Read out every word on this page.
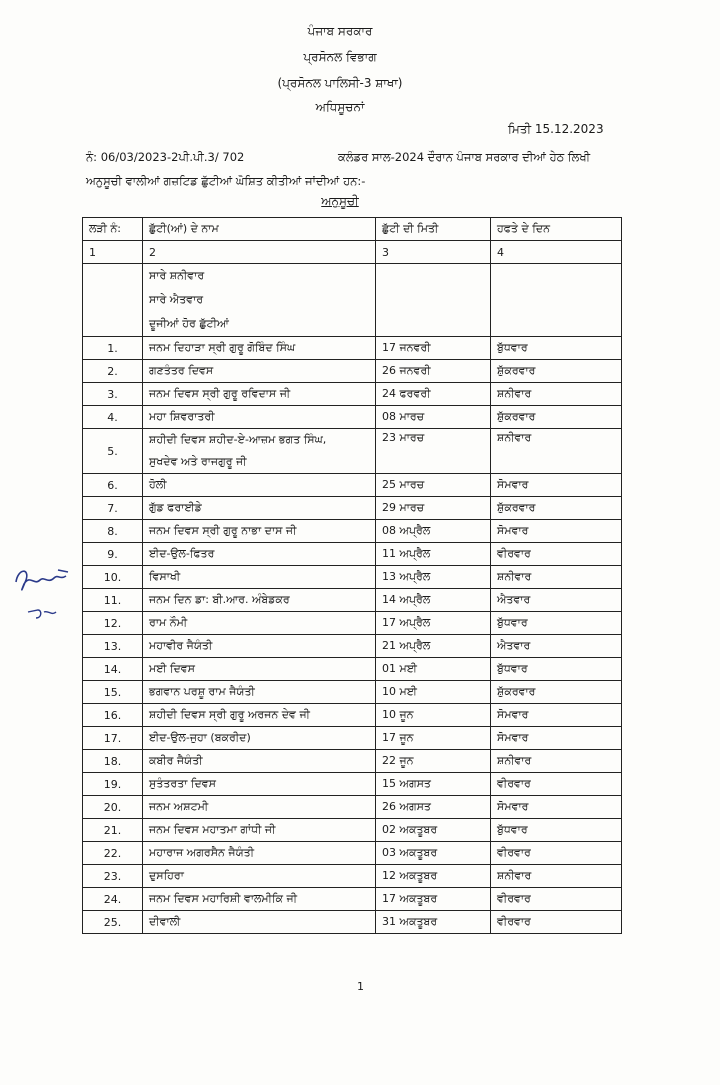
ਪੰਜਾਬ ਸਰਕਾਰ
ਪ੍ਰਸੋਨਲ ਵਿਭਾਗ
(ਪ੍ਰਸੋਨਲ ਪਾਲਿਸੀ-3 ਸ਼ਾਖਾ)
ਅਧਿਸੂਚਨਾਂ
ਮਿਤੀ 15.12.2023
ਨੰ: 06/03/2023-2ਪੀ.ਪੀ.3/ 702	ਕਲੰਡਰ ਸਾਲ-2024 ਦੌਰਾਨ ਪੰਜਾਬ ਸਰਕਾਰ ਦੀਆਂ ਹੇਠ ਲਿਖੀ
ਅਨੁਸੂਚੀ ਵਾਲੀਆਂ ਗਜ਼ਟਿਡ ਛੁੱਟੀਆਂ ਘੋਸ਼ਿਤ ਕੀਤੀਆਂ ਜਾਂਦੀਆਂ ਹਨ:-
ਅਨੁਸੂਚੀ
ਲੜੀ ਨੰ:	ਛੁੱਟੀ(ਆਂ) ਦੇ ਨਾਮ	ਛੁੱਟੀ ਦੀ ਮਿਤੀ	ਹਫਤੇ ਦੇ ਦਿਨ
1	2	3	4

	ਸਾਰੇ ਸ਼ਨੀਵਾਰ
ਸਾਰੇ ਐਤਵਾਰ
ਦੂਜੀਆਂ ਹੋਰ ਛੁੱਟੀਆਂ		

1.	ਜਨਮ ਦਿਹਾੜਾ ਸ੍ਰੀ ਗੁਰੂ ਗੋਬਿੰਦ ਸਿੰਘ	17 ਜਨਵਰੀ	ਬੁੱਧਵਾਰ
2.	ਗਣਤੰਤਰ ਦਿਵਸ	26 ਜਨਵਰੀ	ਸ਼ੁੱਕਰਵਾਰ
3.	ਜਨਮ ਦਿਵਸ ਸ੍ਰੀ ਗੁਰੂ ਰਵਿਦਾਸ ਜੀ	24 ਫਰਵਰੀ	ਸ਼ਨੀਵਾਰ
4.	ਮਹਾ ਸ਼ਿਵਰਾਤਰੀ	08 ਮਾਰਚ	ਸ਼ੁੱਕਰਵਾਰ
5.	ਸ਼ਹੀਦੀ ਦਿਵਸ ਸ਼ਹੀਦ-ਏ-ਆਜ਼ਮ ਭਗਤ ਸਿੰਘ,
ਸੁਖਦੇਵ ਅਤੇ ਰਾਜਗੁਰੂ ਜੀ	23 ਮਾਰਚ	ਸ਼ਨੀਵਾਰ
6.	ਹੋਲੀ	25 ਮਾਰਚ	ਸੋਮਵਾਰ
7.	ਗੁੱਡ ਫਰਾਈਡੇ	29 ਮਾਰਚ	ਸ਼ੁੱਕਰਵਾਰ
8.	ਜਨਮ ਦਿਵਸ ਸ੍ਰੀ ਗੁਰੂ ਨਾਭਾ ਦਾਸ ਜੀ	08 ਅਪ੍ਰੈਲ	ਸੋਮਵਾਰ
9.	ਈਦ-ਉਲ-ਫਿਤਰ	11 ਅਪ੍ਰੈਲ	ਵੀਰਵਾਰ
10.	ਵਿਸਾਖੀ	13 ਅਪ੍ਰੈਲ	ਸ਼ਨੀਵਾਰ
11.	ਜਨਮ ਦਿਨ ਡਾ: ਬੀ.ਆਰ. ਅੰਬੇਡਕਰ	14 ਅਪ੍ਰੈਲ	ਐਤਵਾਰ
12.	ਰਾਮ ਨੌਮੀ	17 ਅਪ੍ਰੈਲ	ਬੁੱਧਵਾਰ
13.	ਮਹਾਵੀਰ ਜੈਯੰਤੀ	21 ਅਪ੍ਰੈਲ	ਐਤਵਾਰ
14.	ਮਈ ਦਿਵਸ	01 ਮਈ	ਬੁੱਧਵਾਰ
15.	ਭਗਵਾਨ ਪਰਸ਼ੂ ਰਾਮ ਜੈਯੰਤੀ	10 ਮਈ	ਸ਼ੁੱਕਰਵਾਰ
16.	ਸ਼ਹੀਦੀ ਦਿਵਸ ਸ੍ਰੀ ਗੁਰੂ ਅਰਜਨ ਦੇਵ ਜੀ	10 ਜੂਨ	ਸੋਮਵਾਰ
17.	ਈਦ-ਉਲ-ਜੁਹਾ (ਬਕਰੀਦ)	17 ਜੂਨ	ਸੋਮਵਾਰ
18.	ਕਬੀਰ ਜੈਯੰਤੀ	22 ਜੂਨ	ਸ਼ਨੀਵਾਰ
19.	ਸੁਤੰਤਰਤਾ ਦਿਵਸ	15 ਅਗਸਤ	ਵੀਰਵਾਰ
20.	ਜਨਮ ਅਸ਼ਟਮੀ	26 ਅਗਸਤ	ਸੋਮਵਾਰ
21.	ਜਨਮ ਦਿਵਸ ਮਹਾਤਮਾ ਗਾਂਧੀ ਜੀ	02 ਅਕਤੂਬਰ	ਬੁੱਧਵਾਰ
22.	ਮਹਾਰਾਜ ਅਗਰਸੈਨ ਜੈਯੰਤੀ	03 ਅਕਤੂਬਰ	ਵੀਰਵਾਰ
23.	ਦੁਸਹਿਰਾ	12 ਅਕਤੂਬਰ	ਸ਼ਨੀਵਾਰ
24.	ਜਨਮ ਦਿਵਸ ਮਹਾਰਿਸ਼ੀ ਵਾਲਮੀਕਿ ਜੀ	17 ਅਕਤੂਬਰ	ਵੀਰਵਾਰ
25.	ਦੀਵਾਲੀ	31 ਅਕਤੂਬਰ	ਵੀਰਵਾਰ
1
